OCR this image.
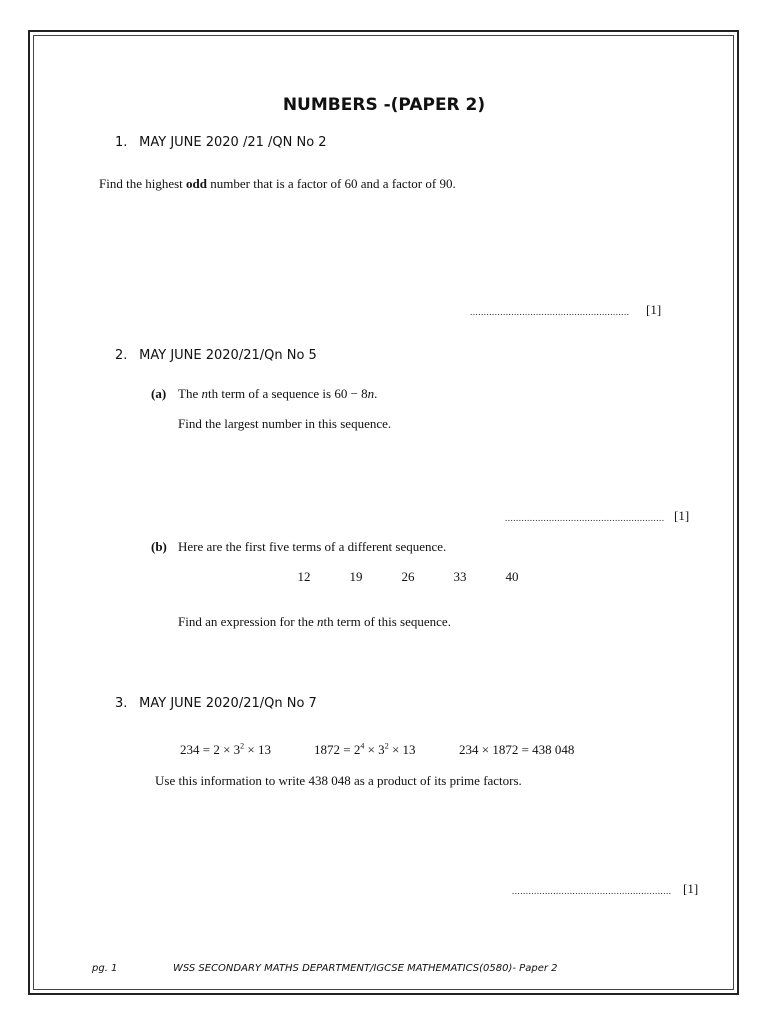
NUMBERS -(PAPER 2)
1. MAY JUNE 2020 /21 /QN No 2
Find the highest odd number that is a factor of 60 and a factor of 90.
.......................................................... [1]
2. MAY JUNE 2020/21/Qn No 5
(a) The nth term of a sequence is 60 − 8n.
Find the largest number in this sequence.
.......................................................... [1]
(b) Here are the first five terms of a different sequence.
12	19	26	33	40
Find an expression for the nth term of this sequence.
3. MAY JUNE 2020/21/Qn No 7
$234 = 2 \times 3^2 \times 13$	$1872 = 2^4 \times 3^2 \times 13$	234 × 1872 = 438 048
Use this information to write 438 048 as a product of its prime factors.
.......................................................... [1]
pg. 1	WSS SECONDARY MATHS DEPARTMENT/IGCSE MATHEMATICS(0580)- Paper 2
